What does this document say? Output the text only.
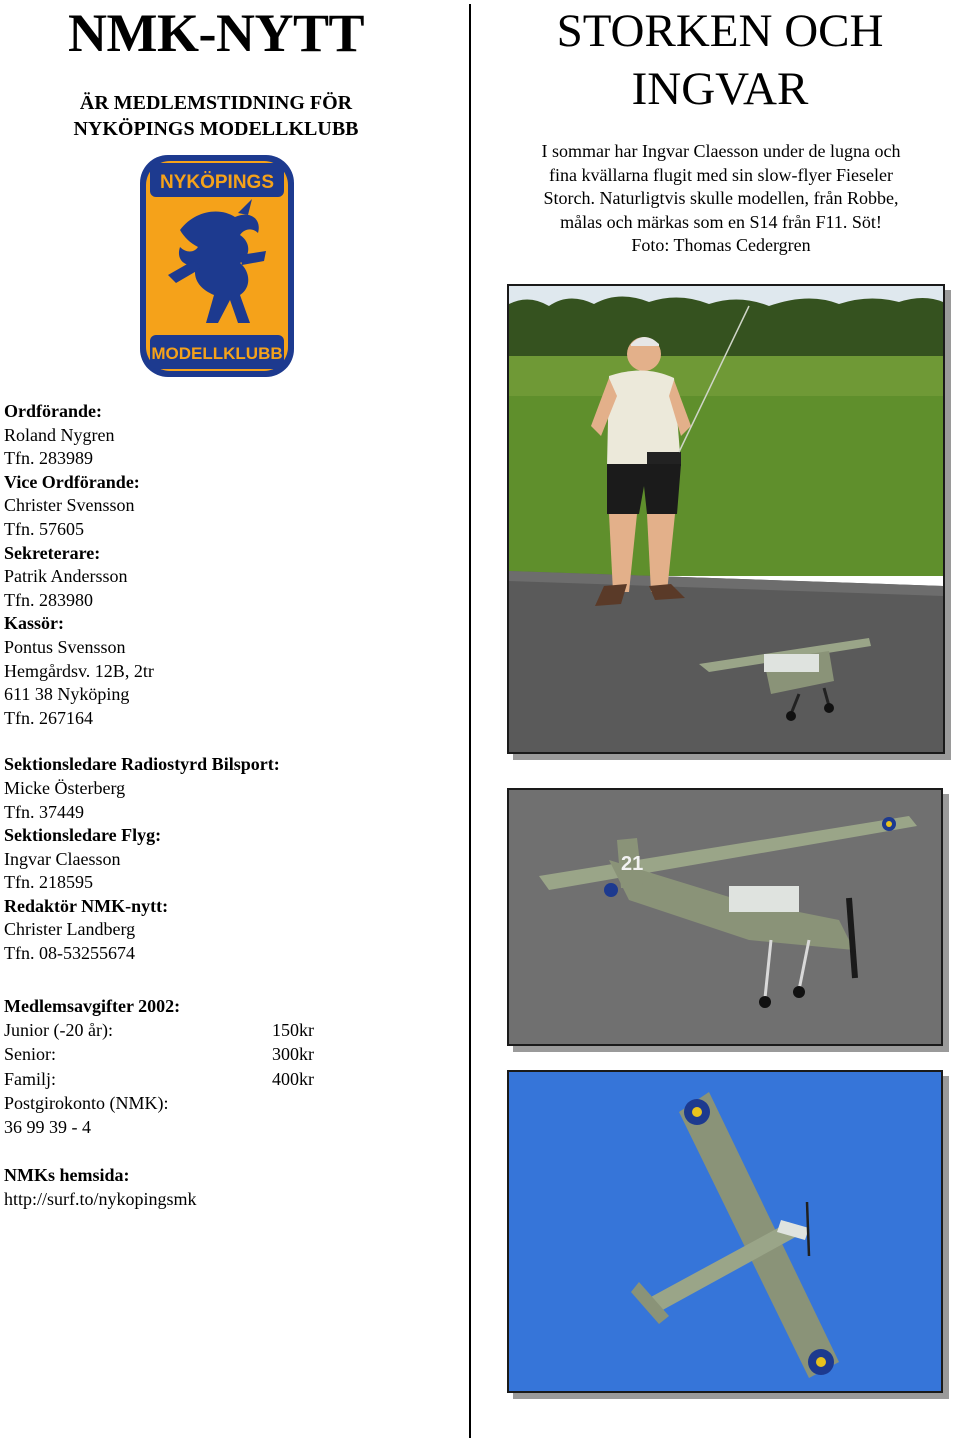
NMK-NYTT
ÄR MEDLEMSTIDNING FÖR
NYKÖPINGS MODELLKLUBB
NYKÖPINGS
MODELLKLUBB
Ordförande:
Roland Nygren
Tfn. 283989
Vice Ordförande:
Christer Svensson
Tfn. 57605
Sekreterare:
Patrik Andersson
Tfn. 283980
Kassör:
Pontus Svensson
Hemgårdsv. 12B, 2tr
611 38 Nyköping
Tfn. 267164
Sektionsledare Radiostyrd Bilsport:
Micke Österberg
Tfn. 37449
Sektionsledare Flyg:
Ingvar Claesson
Tfn. 218595
Redaktör NMK-nytt:
Christer Landberg
Tfn. 08-53255674
Medlemsavgifter 2002:
Junior (-20 år):	150kr
Senior:	300kr
Familj:	400kr
Postgirokonto (NMK):
36 99 39 - 4
NMKs hemsida:
http://surf.to/nykopingsmk
STORKEN OCH
INGVAR
I sommar har Ingvar Claesson under de lugna och
fina kvällarna flugit med sin slow-flyer Fieseler
Storch. Naturligtvis skulle modellen, från Robbe,
målas och märkas som en S14 från F11. Söt!
Foto: Thomas Cedergren
21
